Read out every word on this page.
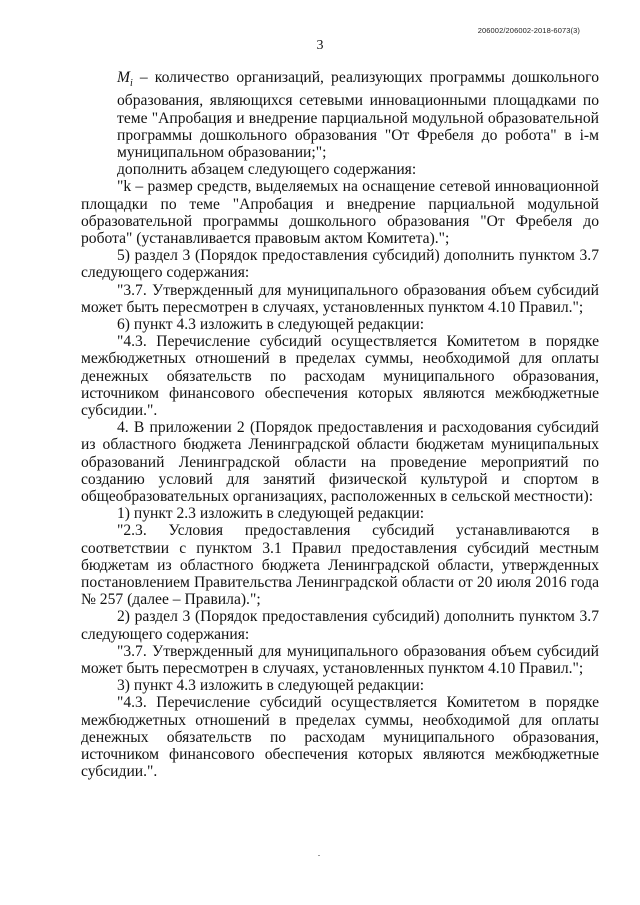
206002/206002-2018-6073(3)
3

$M_i$ – количество организаций, реализующих программы дошкольного образования, являющихся сетевыми инновационными площадками по теме "Апробация и внедрение парциальной модульной образовательной программы дошкольного образования "От Фребеля до робота" в i-м муниципальном образовании;";

дополнить абзацем следующего содержания:

"k – размер средств, выделяемых на оснащение сетевой инновационной площадки по теме "Апробация и внедрение парциальной модульной образовательной программы дошкольного образования "От Фребеля до робота" (устанавливается правовым актом Комитета).";

5) раздел 3 (Порядок предоставления субсидий) дополнить пунктом 3.7 следующего содержания:

"3.7. Утвержденный для муниципального образования объем субсидий может быть пересмотрен в случаях, установленных пунктом 4.10 Правил.";

6) пункт 4.3 изложить в следующей редакции:

"4.3. Перечисление субсидий осуществляется Комитетом в порядке межбюджетных отношений в пределах суммы, необходимой для оплаты денежных обязательств по расходам муниципального образования, источником финансового обеспечения которых являются межбюджетные субсидии.".

4. В приложении 2 (Порядок предоставления и расходования субсидий из областного бюджета Ленинградской области бюджетам муниципальных образований Ленинградской области на проведение мероприятий по созданию условий для занятий физической культурой и спортом в общеобразовательных организациях, расположенных в сельской местности):

1) пункт 2.3 изложить в следующей редакции:

"2.3. Условия предоставления субсидий устанавливаются в соответствии с пунктом 3.1 Правил предоставления субсидий местным бюджетам из областного бюджета Ленинградской области, утвержденных постановлением Правительства Ленинградской области от 20 июля 2016 года № 257 (далее – Правила).";

2) раздел 3 (Порядок предоставления субсидий) дополнить пунктом 3.7 следующего содержания:

"3.7. Утвержденный для муниципального образования объем субсидий может быть пересмотрен в случаях, установленных пунктом 4.10 Правил.";

3) пункт 4.3 изложить в следующей редакции:

"4.3. Перечисление субсидий осуществляется Комитетом в порядке межбюджетных отношений в пределах суммы, необходимой для оплаты денежных обязательств по расходам муниципального образования, источником финансового обеспечения которых являются межбюджетные субсидии.".
